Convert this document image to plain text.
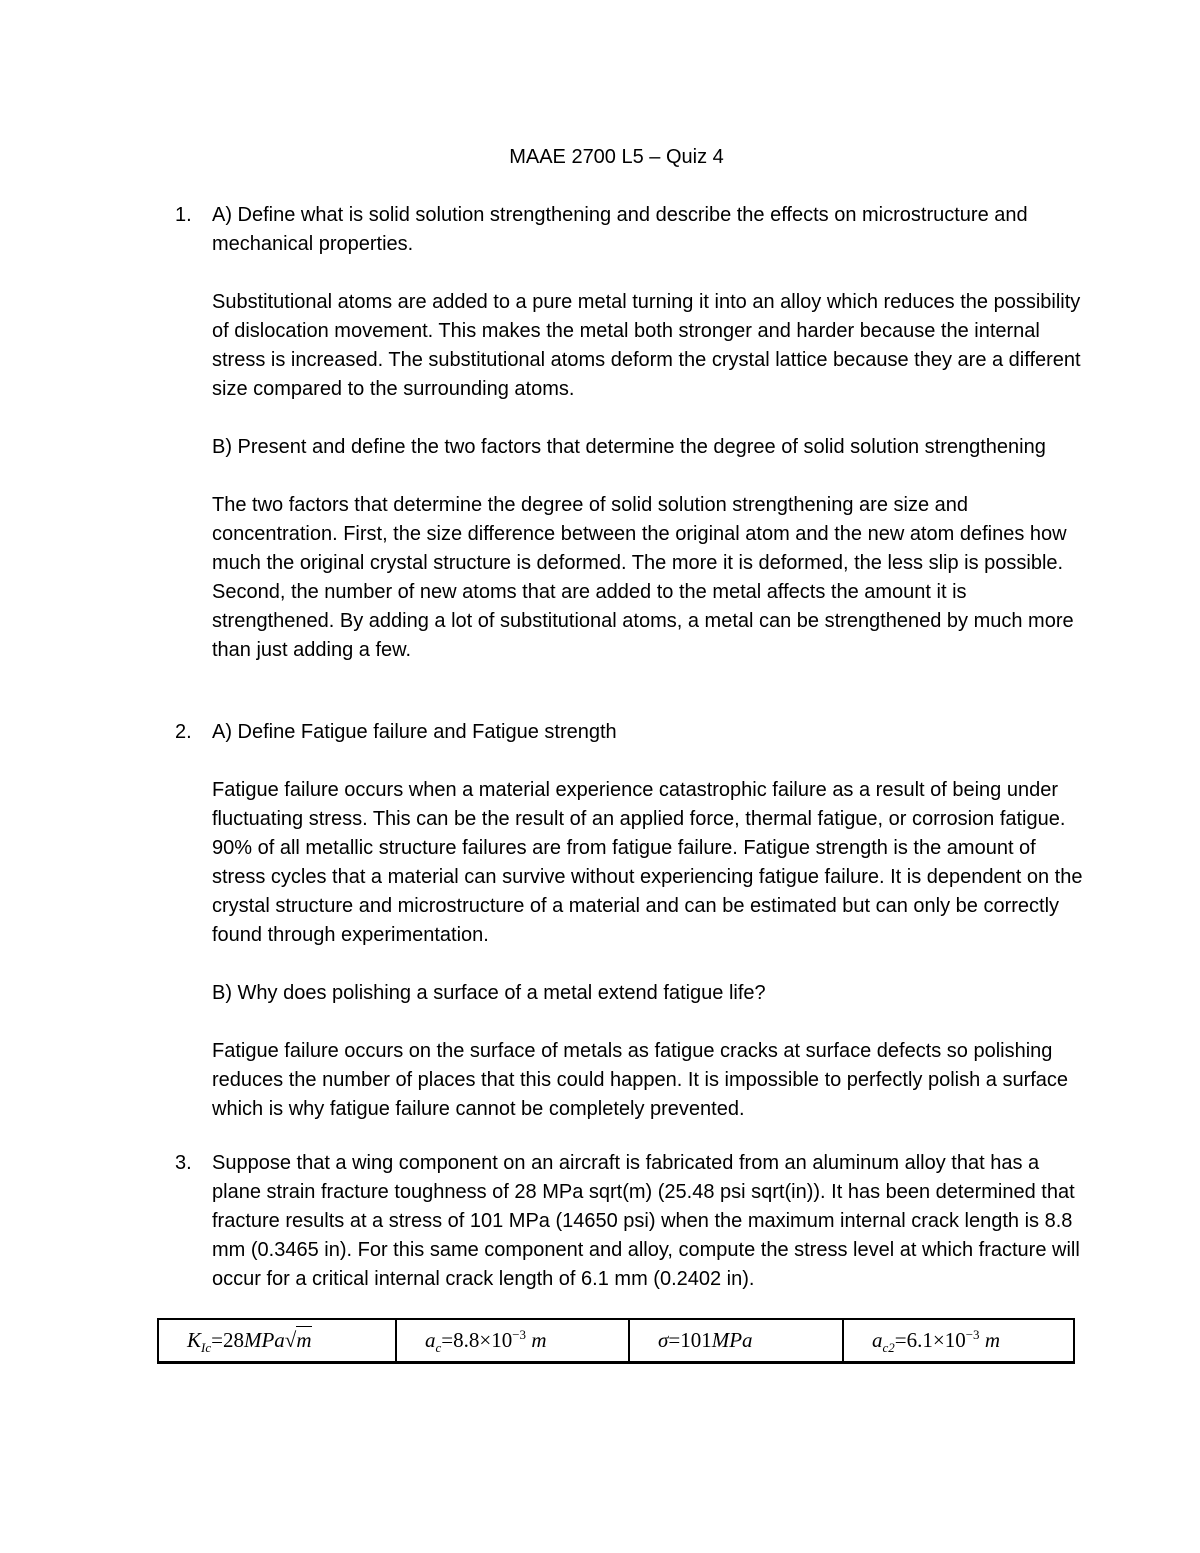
MAAE 2700 L5 – Quiz 4
1. A) Define what is solid solution strengthening and describe the effects on microstructure and mechanical properties.

Substitutional atoms are added to a pure metal turning it into an alloy which reduces the possibility of dislocation movement. This makes the metal both stronger and harder because the internal stress is increased. The substitutional atoms deform the crystal lattice because they are a different size compared to the surrounding atoms.

B) Present and define the two factors that determine the degree of solid solution strengthening

The two factors that determine the degree of solid solution strengthening are size and concentration. First, the size difference between the original atom and the new atom defines how much the original crystal structure is deformed. The more it is deformed, the less slip is possible. Second, the number of new atoms that are added to the metal affects the amount it is strengthened. By adding a lot of substitutional atoms, a metal can be strengthened by much more than just adding a few.

2. A) Define Fatigue failure and Fatigue strength

Fatigue failure occurs when a material experience catastrophic failure as a result of being under fluctuating stress. This can be the result of an applied force, thermal fatigue, or corrosion fatigue. 90% of all metallic structure failures are from fatigue failure. Fatigue strength is the amount of stress cycles that a material can survive without experiencing fatigue failure. It is dependent on the crystal structure and microstructure of a material and can be estimated but can only be correctly found through experimentation.

B) Why does polishing a surface of a metal extend fatigue life?

Fatigue failure occurs on the surface of metals as fatigue cracks at surface defects so polishing reduces the number of places that this could happen. It is impossible to perfectly polish a surface which is why fatigue failure cannot be completely prevented.

3. Suppose that a wing component on an aircraft is fabricated from an aluminum alloy that has a plane strain fracture toughness of 28 MPa sqrt(m) (25.48 psi sqrt(in)). It has been determined that fracture results at a stress of 101 MPa (14650 psi) when the maximum internal crack length is 8.8 mm (0.3465 in). For this same component and alloy, compute the stress level at which fracture will occur for a critical internal crack length of 6.1 mm (0.2402 in).

$K_{Ic}=28MPa√m$	$a_c=8.8\times 10^{-3}$ m	σ=101MPa	$a_{c2}=6.1\times 10^{-3}$ m
